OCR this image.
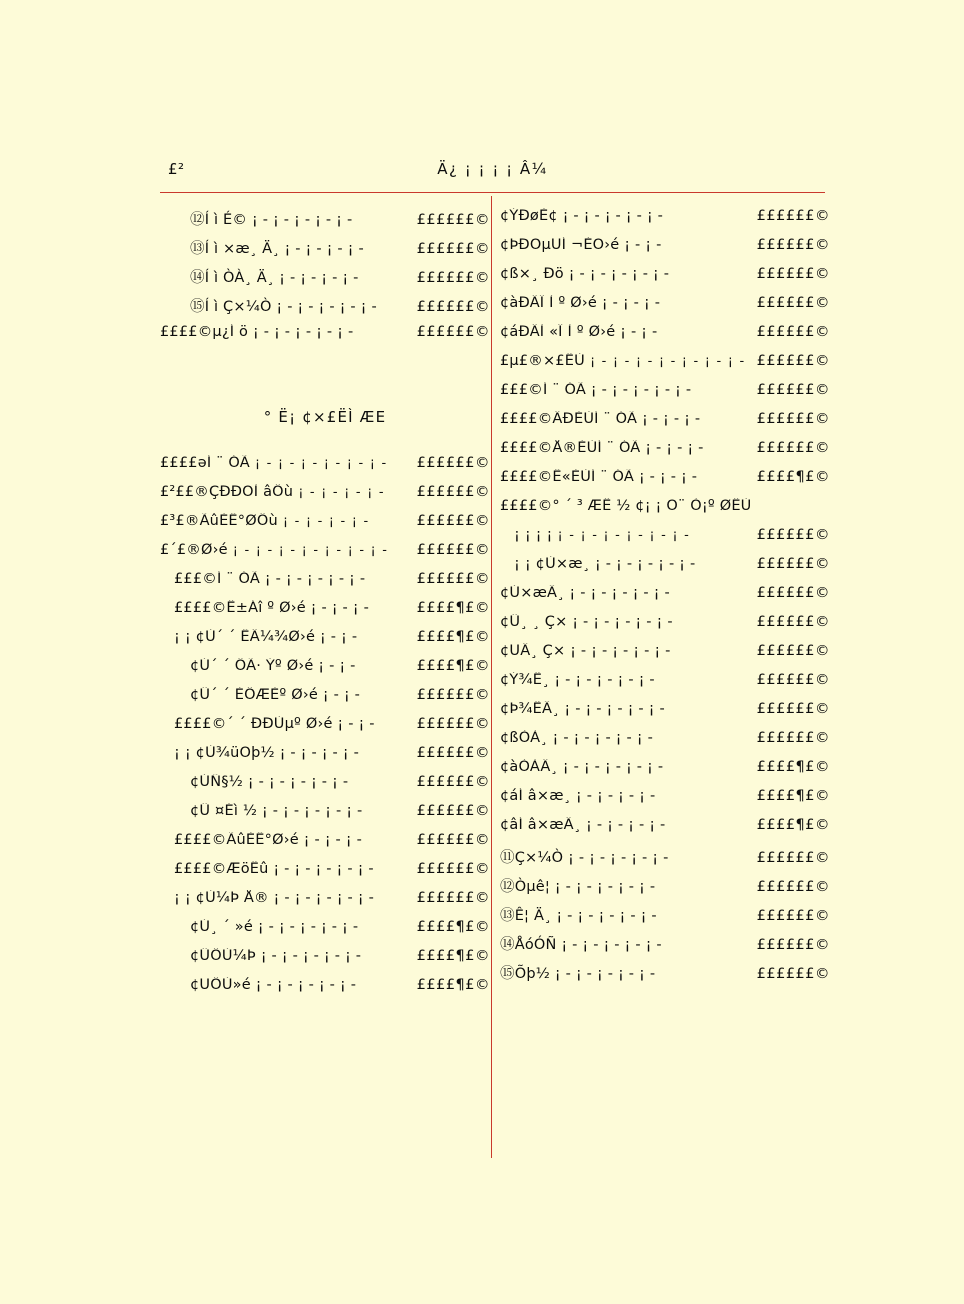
£²	Ä¿ ¡ ¡ ¡ ¡ Â¼
⑫Í ì É© ¡ - ¡ - ¡ - ¡ - ¡ -	££££££©
⑬Í ì ×æ¸ Ä¸ ¡ - ¡ - ¡ - ¡ -	££££££©
⑭Í ì ÒÀ¸ Ä¸ ¡ - ¡ - ¡ - ¡ -	££££££©
⑮Í ì Ç×¼Ò ¡ - ¡ - ¡ - ¡ - ¡ -	££££££©
££££©µ¿Í ö ¡ - ¡ - ¡ - ¡ - ¡ -	££££££©
° Ë¡ ¢×£ËÌ ÆE
££££ǝÍ ¨ ÓÃ ¡ - ¡ - ¡ - ¡ - ¡ - ¡ -	££££££©
£²££®ÇÐÐÕÌ âÔù ¡ - ¡ - ¡ - ¡ -	££££££©
£³£®ÃûÈË°ØÔù ¡ - ¡ - ¡ - ¡ -	££££££©
£´£®Ø›é ¡ - ¡ - ¡ - ¡ - ¡ - ¡ - ¡ -	££££££©
£££©Í ¨ ÓÃ ¡ - ¡ - ¡ - ¡ - ¡ -	££££££©
££££©Ê±Áî º Ø›é ¡ - ¡ - ¡ -	££££¶£©
¡ ¡ ¢Ù´ ´ ËÄ¼¾Ø›é ¡ - ¡ -	££££¶£©
¢Ú´ ´ ÔÃ· Ýº Ø›é ¡ - ¡ -	££££¶£©
¢Û´ ´ ÈÔÆÈº Ø›é ¡ - ¡ -	££££££©
££££©´ ´ ÐÐÙµº Ø›é ¡ - ¡ -	££££££©
¡ ¡ ¢Ù¾üÕþ½ ¡ - ¡ - ¡ - ¡ -	££££££©
¢ÚÑ§½ ¡ - ¡ - ¡ - ¡ - ¡ -	££££££©
¢Û ¤Éì ½ ¡ - ¡ - ¡ - ¡ - ¡ -	££££££©
££££©ÃûÈË°Ø›é ¡ - ¡ - ¡ -	££££££©
££££©ÆöËû ¡ - ¡ - ¡ - ¡ - ¡ -	££££££©
¡ ¡ ¢Ù¼Þ Å® ¡ - ¡ - ¡ - ¡ - ¡ -	££££££©
¢Ú¸ ´ »é ¡ - ¡ - ¡ - ¡ - ¡ -	££££¶£©
¢ÛÔÙ¼Þ ¡ - ¡ - ¡ - ¡ - ¡ -	££££¶£©
¢ÜÔÙ»é ¡ - ¡ - ¡ - ¡ - ¡ -	££££¶£©
¢ÝÐøÈ¢ ¡ - ¡ - ¡ - ¡ - ¡ -	££££££©
¢ÞÐÕµÜÍ ¬ÈÕ›é ¡ - ¡ -	££££££©
¢ß×¸ Ðö ¡ - ¡ - ¡ - ¡ - ¡ -	££££££©
¢àÐÂÎ Ì º Ø›é ¡ - ¡ - ¡ -	££££££©
¢áÐÂÌ «Î Ì º Ø›é ¡ - ¡ -	££££££©
£µ£®×£ÊÙ ¡ - ¡ - ¡ - ¡ - ¡ - ¡ - ¡ - ££££££©
£££©Í ¨ ÓÃ ¡ - ¡ - ¡ - ¡ - ¡ -	££££££©
££££©ÄÐÈÙÍ ¨ ÓÃ ¡ - ¡ - ¡ -	££££££©
££££©Å®ÈÙÍ ¨ ÓÃ ¡ - ¡ - ¡ -	££££££©
££££©Ë«ÈÙÍ ¨ ÓÃ ¡ - ¡ - ¡ -	££££¶£©
££££©° ´ ³ ÆÊ ½ ¢¡ ¡ Ö¨ Ò¡º ØÊÙ
¡ ¡ ¡ ¡ ¡ - ¡ - ¡ - ¡ - ¡ - ¡ -	££££££©
¡ ¡ ¢Ù×æ¸ ¡ - ¡ - ¡ - ¡ - ¡ -	££££££©
¢Ú×æÄ¸ ¡ - ¡ - ¡ - ¡ - ¡ -	££££££©
¢Û¸ ¸ Ç× ¡ - ¡ - ¡ - ¡ - ¡ -	££££££©
¢ÜÄ¸ Ç× ¡ - ¡ - ¡ - ¡ - ¡ -	££££££©
¢Ý¾Ë¸ ¡ - ¡ - ¡ - ¡ - ¡ -	££££££©
¢Þ¾ËÄ¸ ¡ - ¡ - ¡ - ¡ - ¡ -	££££££©
¢ßÒÀ¸ ¡ - ¡ - ¡ - ¡ - ¡ -	££££££©
¢àÒÀÄ¸ ¡ - ¡ - ¡ - ¡ - ¡ -	££££¶£©
¢áÍ â×æ¸ ¡ - ¡ - ¡ - ¡ -	££££¶£©
¢âÍ â×æÄ¸ ¡ - ¡ - ¡ - ¡ -	££££¶£©
⑪Ç×¼Ò ¡ - ¡ - ¡ - ¡ - ¡ -	££££££©
⑫Òµê¦ ¡ - ¡ - ¡ - ¡ - ¡ -	££££££©
⑬Ê¦ Ä¸ ¡ - ¡ - ¡ - ¡ - ¡ -	££££££©
⑭ÅóÓÑ ¡ - ¡ - ¡ - ¡ - ¡ -	££££££©
⑮Õþ½ ¡ - ¡ - ¡ - ¡ - ¡ -	££££££©
